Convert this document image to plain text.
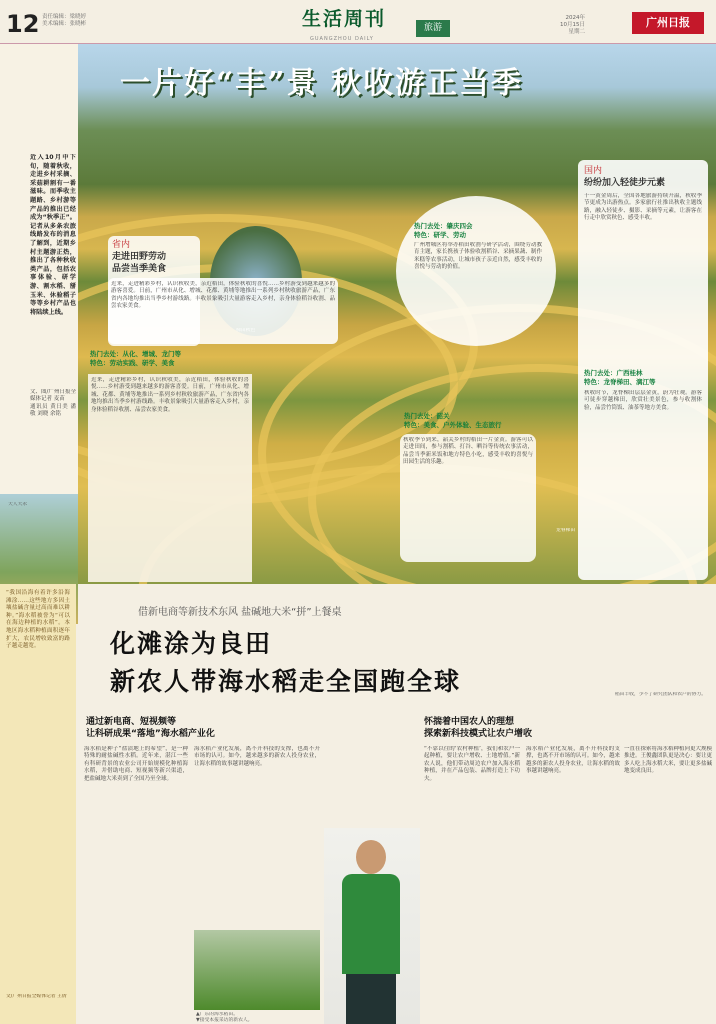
12 责任编辑：梁晓婷
美术编辑：张晓彬	生活周刊
GUANGZHOU DAILY
旅游
2024年
10月15日
星期二
广州日报
近入10月中下旬，随着秋收，走进乡村采摘、采菇耕割有一番滋味。而季收主题路、乡村游等产品的推出已经成为“秋季正”。记者从多条农旅线路发布的消息了解到，近期乡村主题游正热，推出了各种秋收类产品，包括农事体验、研学游、割水稻、掰玉米、休验稻子等等乡村产品也将陆续上线。
文、图/广州日报全媒体记者 麦苗
通讯员 黄日美 潘敬 刘晓 余铭
天人大永
一片好“丰”景 秋收游正当季
省内
走进田野劳动
品尝当季美食
近来，走进精彩乡村，认识秋收美，亲近稻田，体验秋收的喜悦……乡村游受到越来越多的游客喜爱。日前，广州市从化、增城、花都、黄埔等地推出一系列乡村秋收旅游产品，广东省内各地均推出当季乡村游线路。丰收景象吸引大量游客走入乡村，亲身体验稻谷收割、品尝农家美食。
热门去处：从化、增城、龙门等
特色：劳动实践、研学、美食
近来，走进精彩乡村，认识秋收美，亲近稻田，体验秋收的喜悦……乡村游受到越来越多的游客喜爱。日前，广州市从化、增城、花都、黄埔等地推出一系列乡村秋收旅游产品，广东省内各地均推出当季乡村游线路。丰收景象吸引大量游客走入乡村，亲身体验稻谷收割、品尝农家美食。
热门去处：肇庆四会
特色：研学、劳动
广州增城区将举办稻田收割与研学活动，围绕劳动教育主题，家长携孩子体验收割稻谷、采摘果蔬、制作米糕等农事活动，让城市孩子亲近自然，感受丰收的喜悦与劳动的价值。
热门去处：韶关
特色：美食、户外体验、生态旅行
秋收季节到来，韶关乡村的稻田一片金黄。游客可以走进田间，参与割稻、打谷、晒谷等传统农事活动，品尝当季新米饭和地方特色小吃，感受丰收的喜悦与田园生活的乐趣。
龙脊梯田
国内
纷纷加入轻徒步元素
十一黄金周后，全国各地旅游持续升温，秋收季节更成为出游热点。多家旅行社推出秋收主题线路，融入轻徒步、摄影、采摘等元素，让游客在行走中欣赏秋色、感受丰收。
热门去处：广西桂林
特色：龙脊梯田、漓江等
秋收时节，龙脊梯田层层金黄，蔚为壮观。游客可徒步穿越梯田，欣赏壮美景色，参与收割体验，品尝竹筒饭、油茶等地方美食。
“我国沿海有着许多沿海滩涂……这些地方多因土壤盐碱含量过高而难以耕种。”海水稻被誉为“可以在海边种植的水稻”。本地区海水稻种植面积逐年扩大，农民增收致富的路子越走越宽。
文/广州日报全媒体记者 王倩
借新电商等新技术东风 盐碱地大米“拼”上餐桌
化滩涂为良田
新农人带海水稻走全国跑全球	稻田丰收，少不了研究团队和农户的协力。
通过新电商、短视频等
让科研成果“落地”海水稻产业化
怀揣着中国农人的理想
探索新科技模式让农户增收
海水稻是种子“盐渍地上的希望”，是一种特殊的耐盐碱性水稻。近年来，湛江一些有科研背景的农业公司开始规模化种植海水稻，并借助电商、短视频等新兴渠道，把盐碱地大米卖到了全国乃至全球。
海水稻产业化发展，离不开科技的支撑，也离不开市场的认可。如今，越来越多的新农人投身农业，让海水稻的故事越讲越响亮。
▲广东的海水稻田。
▼接受本报采访的新农人。
“不靠以往的‘农村种植’，我们和农户一起种植，要让农户增收、土地增值。”新农人说，他们带动周边农户加入海水稻种植，并在产品包装、品牌打造上下功夫。
海水稻产业化发展，离不开科技的支撑，也离不开市场的认可。如今，越来越多的新农人投身农业，让海水稻的故事越讲越响亮。
一直在探索将海水稻种植向更大规模推进。王俊鑫团队更是决心：要让更多人吃上海水稻大米，要让更多盐碱地变成良田。
